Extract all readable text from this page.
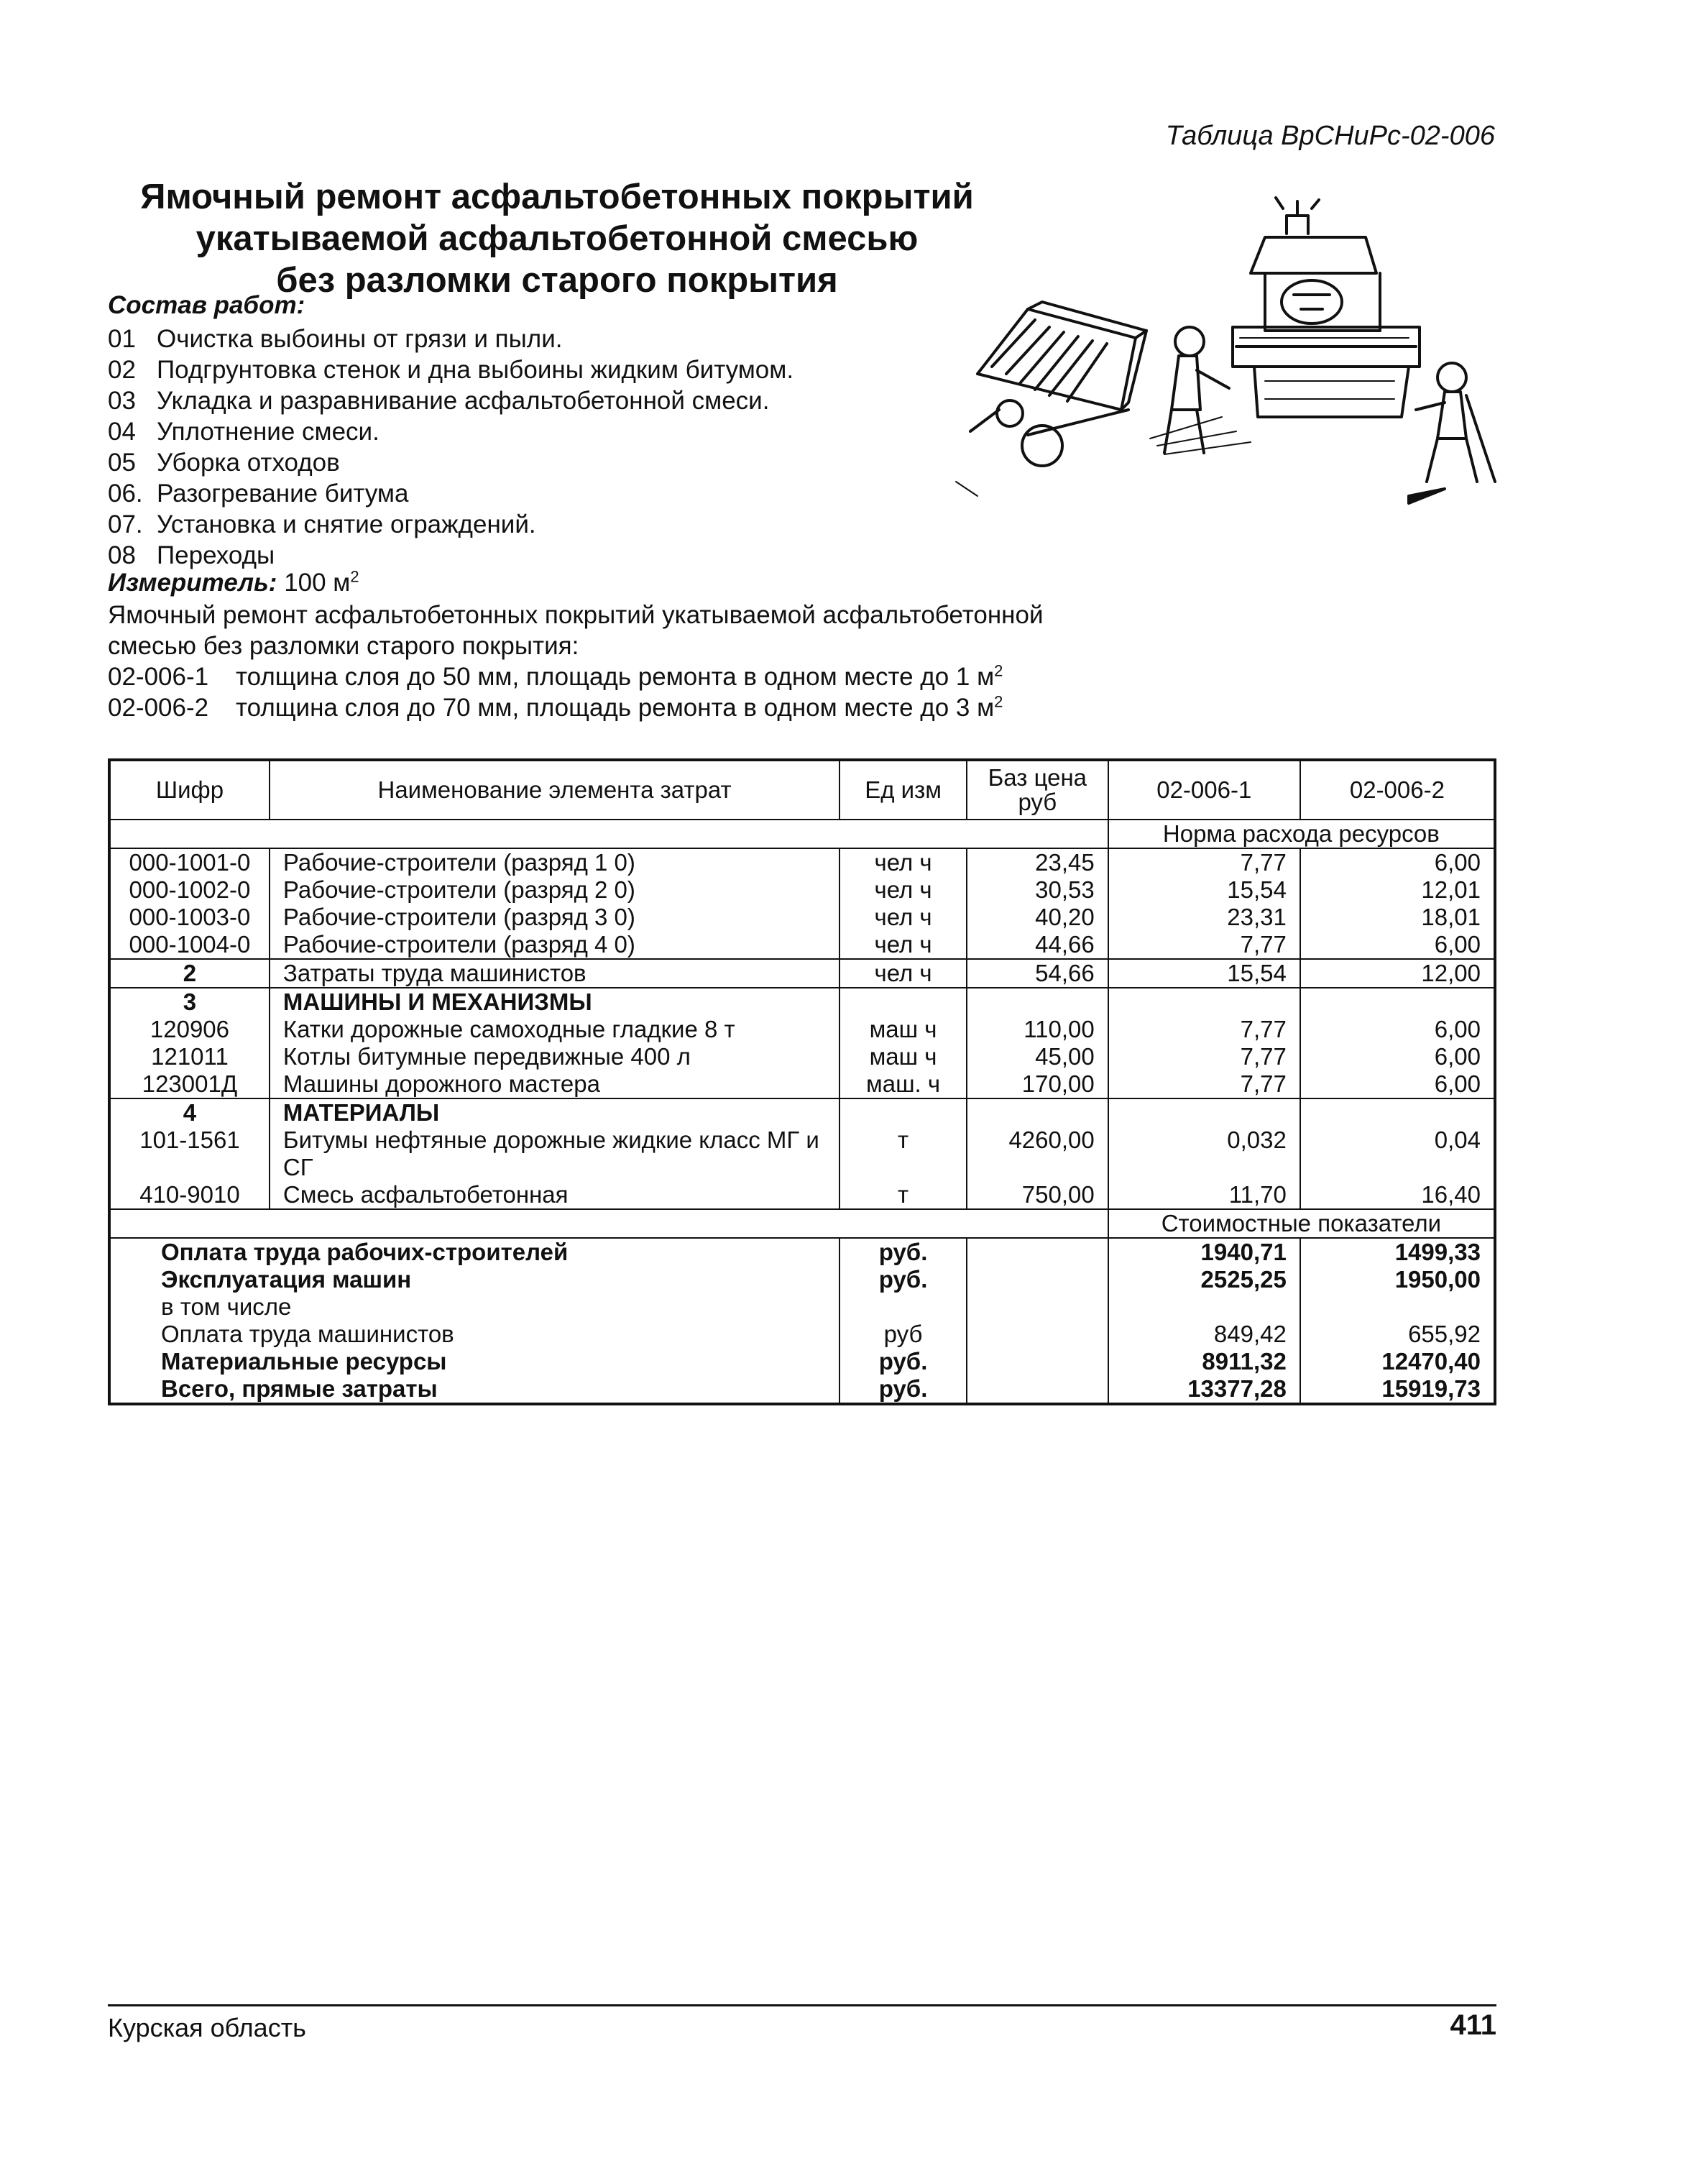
Таблица ВрСНиРс-02-006
Ямочный ремонт асфальтобетонных покрытий
укатываемой асфальтобетонной смесью
без разломки старого покрытия
Состав работ:
01 Очистка выбоины от грязи и пыли.
02 Подгрунтовка стенок и дна выбоины жидким битумом.
03 Укладка и разравнивание асфальтобетонной смеси.
04 Уплотнение смеси.
05 Уборка отходов
06. Разогревание битума
07. Установка и снятие ограждений.
08 Переходы
Измеритель: 100 $м^2$
Ямочный ремонт асфальтобетонных покрытий укатываемой асфальтобетонной
смесью без разломки старого покрытия:
02-006-1 толщина слоя до 50 мм, площадь ремонта в одном месте до 1 $м^2$
02-006-2 толщина слоя до 70 мм, площадь ремонта в одном месте до 3 $м^2$
Шифр	Наименование элемента затрат	Ед изм	Баз цена руб	02-006-1	02-006-2
				Норма расхода ресурсов	
000-1001-0	Рабочие-строители (разряд 1 0)	чел ч	23,45	7,77	6,00
000-1002-0	Рабочие-строители (разряд 2 0)	чел ч	30,53	15,54	12,01
000-1003-0	Рабочие-строители (разряд 3 0)	чел ч	40,20	23,31	18,01
000-1004-0	Рабочие-строители (разряд 4 0)	чел ч	44,66	7,77	6,00
2	Затраты труда машинистов	чел ч	54,66	15,54	12,00
3	МАШИНЫ И МЕХАНИЗМЫ				
120906	Катки дорожные самоходные гладкие 8 т	маш ч	110,00	7,77	6,00
121011	Котлы битумные передвижные 400 л	маш ч	45,00	7,77	6,00
123001Д	Машины дорожного мастера	маш. ч	170,00	7,77	6,00
4	МАТЕРИАЛЫ				
101-1561	Битумы нефтяные дорожные жидкие класс МГ и СГ	т	4260,00	0,032	0,04
410-9010	Смесь асфальтобетонная	т	750,00	11,70	16,40
				Стоимостные показатели	
Оплата труда рабочих-строителей		руб.		1940,71	1499,33
Эксплуатация машин		руб.		2525,25	1950,00
в том числе					
Оплата труда машинистов		руб		849,42	655,92
Материальные ресурсы		руб.		8911,32	12470,40
Всего, прямые затраты		руб.		13377,28	15919,73
Курская область	411
